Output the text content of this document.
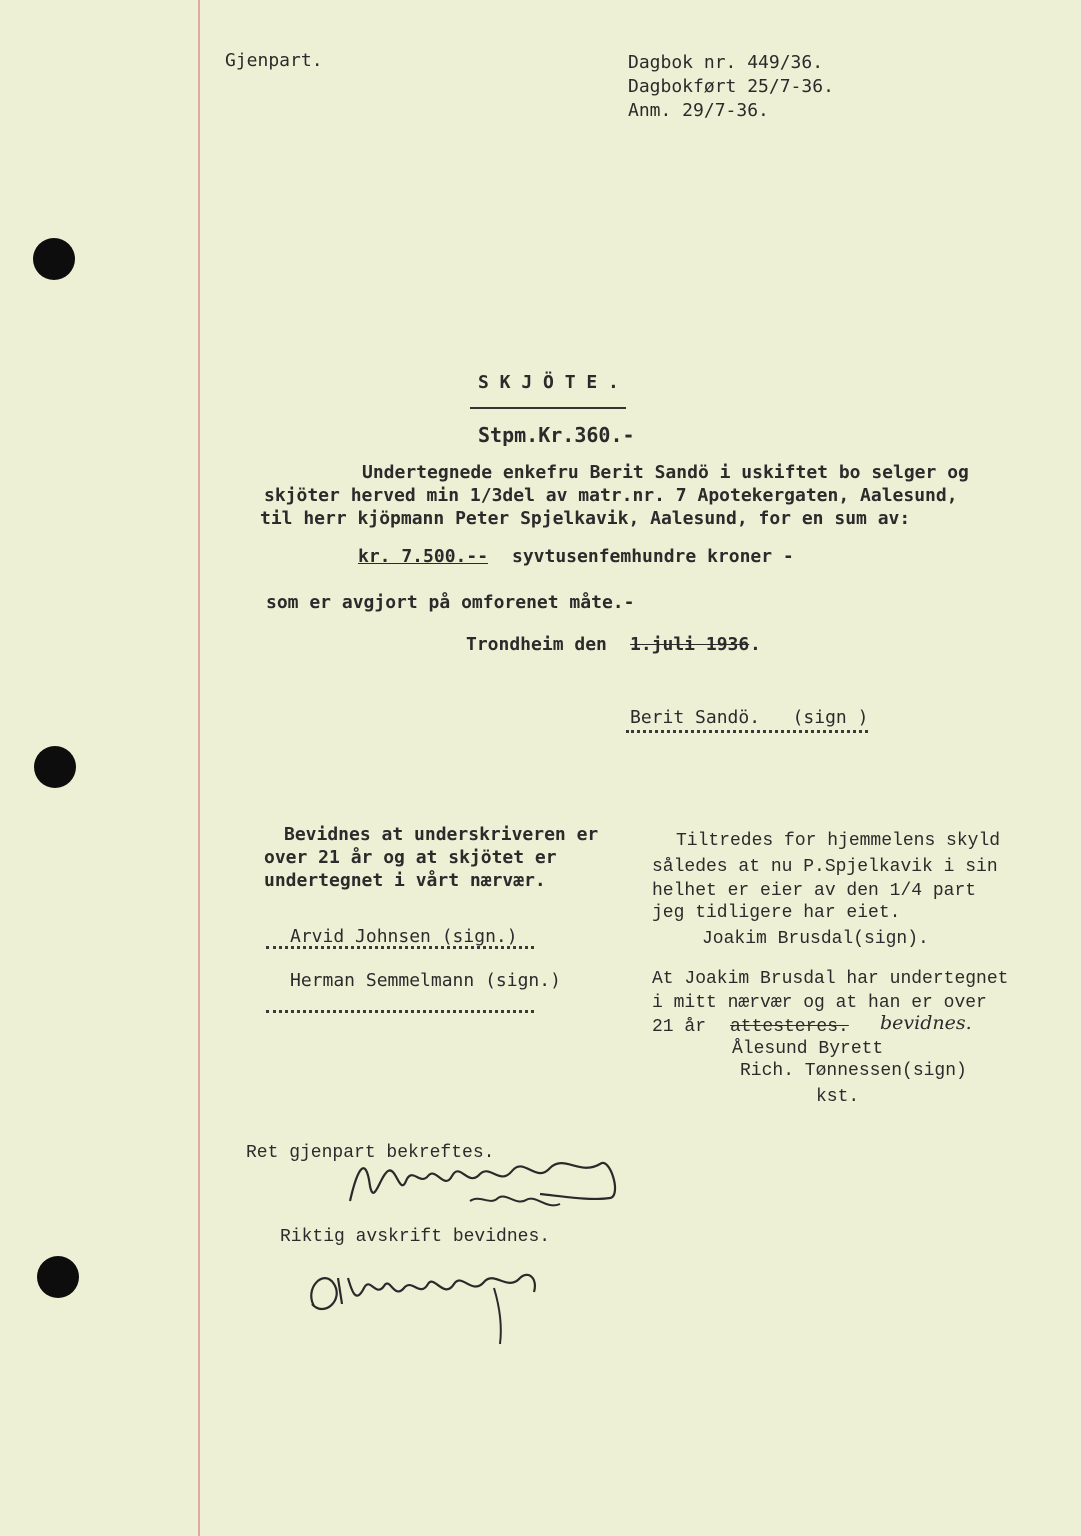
Gjenpart.	Dagbok nr. 449/36.
Dagbokført 25/7-36.
Anm. 29/7-36.
S K J Ö T E .
Stpm.Kr.360.-
Undertegnede enkefru Berit Sandö i uskiftet bo selger og
skjöter herved min 1/3del av matr.nr. 7 Apotekergaten, Aalesund,
til herr kjöpmann Peter Spjelkavik, Aalesund, for en sum av:
kr. 7.500.-- syvtusenfemhundre kroner -
som er avgjort på omforenet måte.-
Trondheim den 1.juli 1936 .
Berit Sandö.   (sign )
Bevidnes at underskriveren er
over 21 år og at skjötet er
undertegnet i vårt nærvær.
Arvid Johnsen (sign.)
Herman Semmelmann (sign.)
Tiltredes for hjemmelens skyld
således at nu P.Spjelkavik i sin
helhet er eier av den 1/4 part
jeg tidligere har eiet.
Joakim Brusdal(sign).
At Joakim Brusdal har undertegnet
i mitt nærvær og at han er over
21 år attesteres. bevidnes.
Ålesund Byrett
Rich. Tønnessen(sign)
kst.
Ret gjenpart bekreftes.
Riktig avskrift bevidnes.
